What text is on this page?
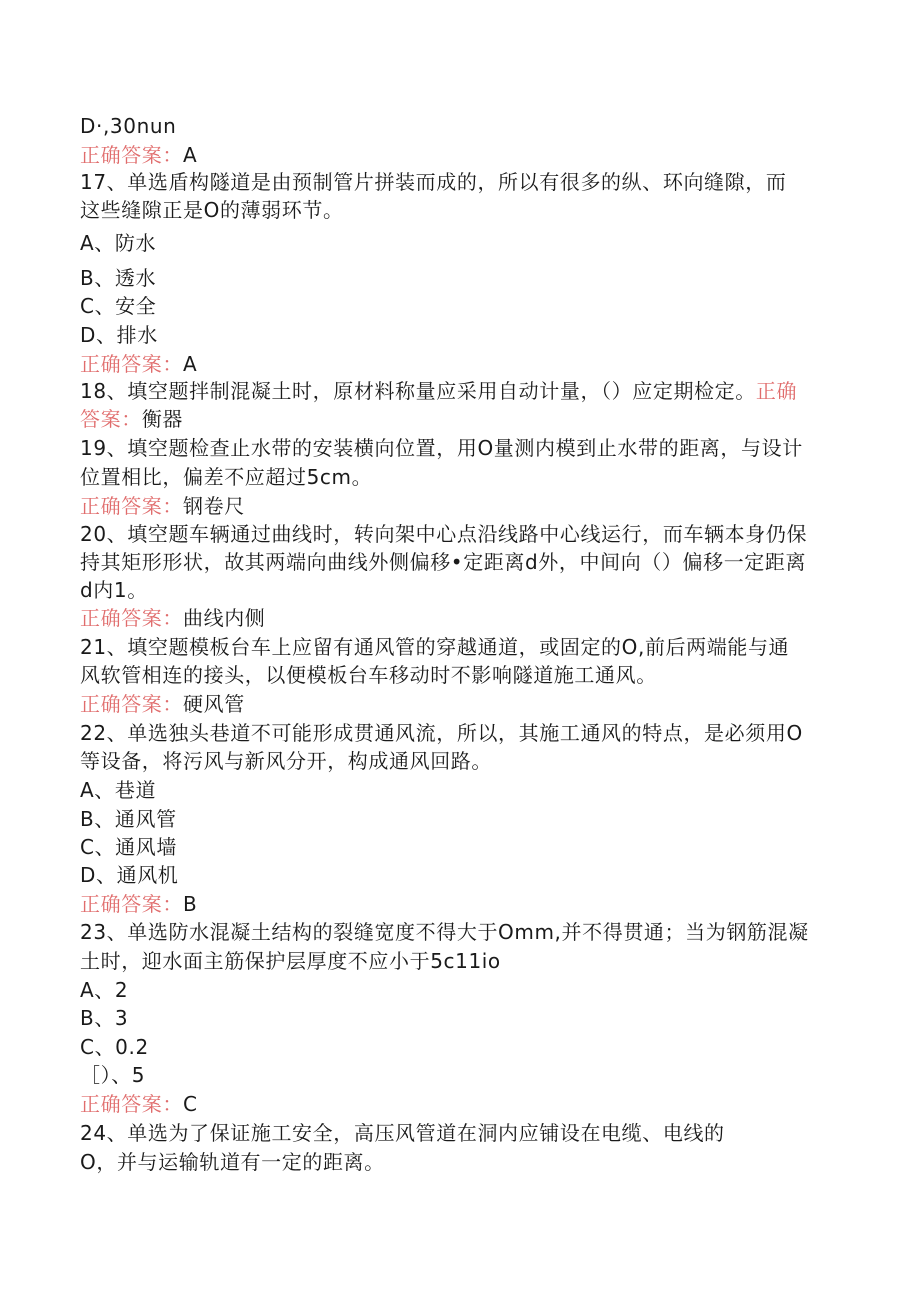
D·,30nun
正确答案：A
17、单选盾构隧道是由预制管片拼装而成的，所以有很多的纵、环向缝隙，而
这些缝隙正是O的薄弱环节。
A、防水
B、透水
C、安全
D、排水
正确答案：A
18、填空题拌制混凝土时，原材料称量应采用自动计量，（）应定期检定。正确
答案：衡器
19、填空题检查止水带的安装横向位置，用O量测内模到止水带的距离，与设计
位置相比，偏差不应超过5cm。
正确答案：钢卷尺
20、填空题车辆通过曲线时，转向架中心点沿线路中心线运行，而车辆本身仍保
持其矩形形状，故其两端向曲线外侧偏移•定距离d外，中间向（）偏移一定距离
d内1。
正确答案：曲线内侧
21、填空题模板台车上应留有通风管的穿越通道，或固定的O,前后两端能与通
风软管相连的接头，以便模板台车移动时不影响隧道施工通风。
正确答案：硬风管
22、单选独头巷道不可能形成贯通风流，所以，其施工通风的特点，是必须用O
等设备，将污风与新风分开，构成通风回路。
A、巷道
B、通风管
C、通风墙
D、通风机
正确答案：B
23、单选防水混凝土结构的裂缝宽度不得大于Omm,并不得贯通；当为钢筋混凝
土时，迎水面主筋保护层厚度不应小于5c11io
A、2
B、3
C、0.2
［）、5
正确答案：C
24、单选为了保证施工安全，高压风管道在洞内应铺设在电缆、电线的
O，并与运输轨道有一定的距离。
